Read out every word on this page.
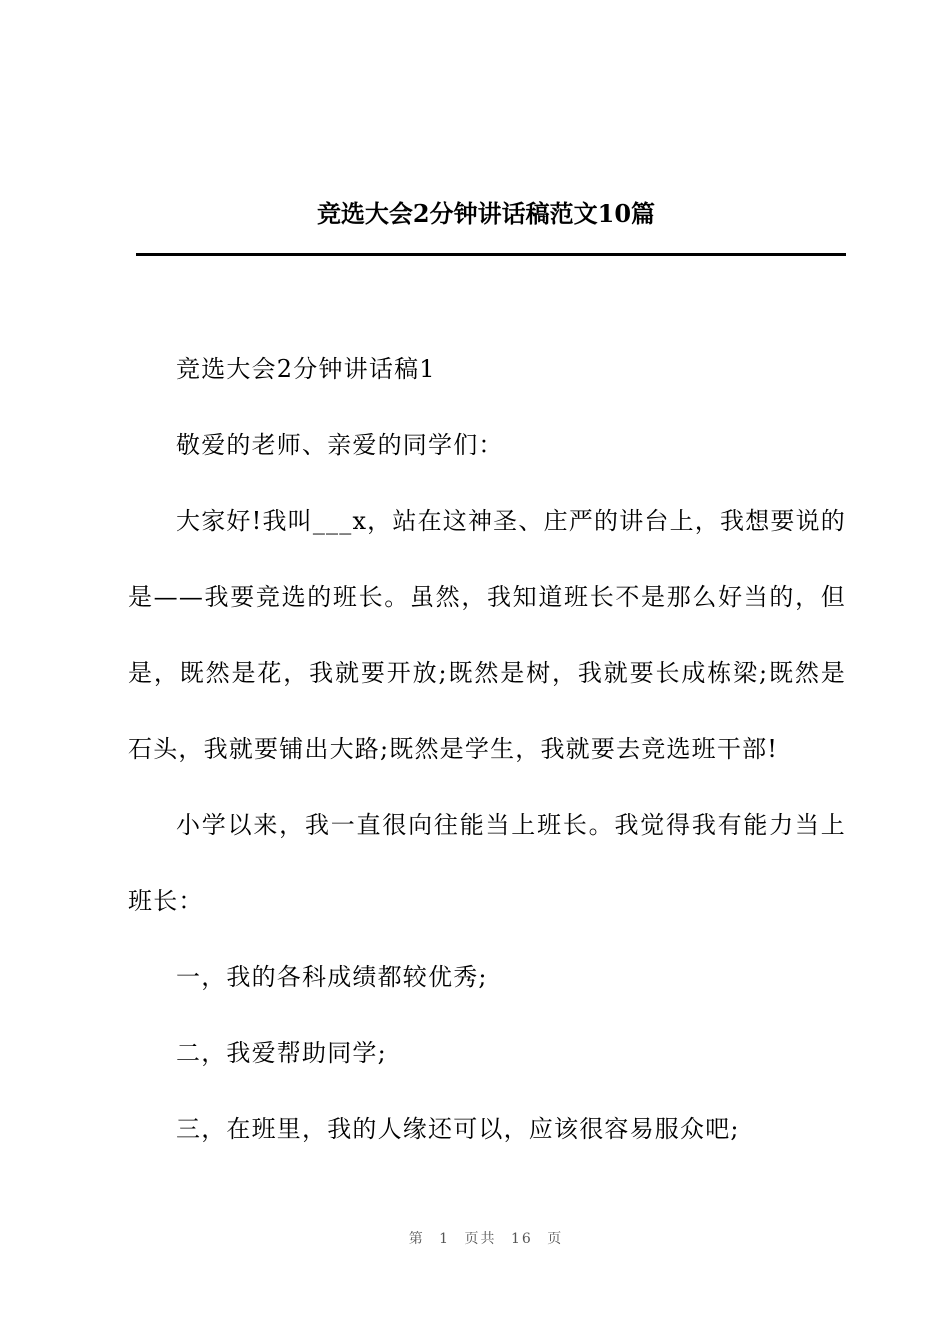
竞选大会2分钟讲话稿范文10篇

竞选大会2分钟讲话稿1

敬爱的老师、亲爱的同学们：

大家好!我叫___x，站在这神圣、庄严的讲台上，我想要说的是——我要竞选的班长。虽然，我知道班长不是那么好当的，但是，既然是花，我就要开放;既然是树，我就要长成栋梁;既然是石头，我就要铺出大路;既然是学生，我就要去竞选班干部!

小学以来，我一直很向往能当上班长。我觉得我有能力当上班长：

一，我的各科成绩都较优秀;

二，我爱帮助同学;

三，在班里，我的人缘还可以，应该很容易服众吧;

第 1 页共 16 页
